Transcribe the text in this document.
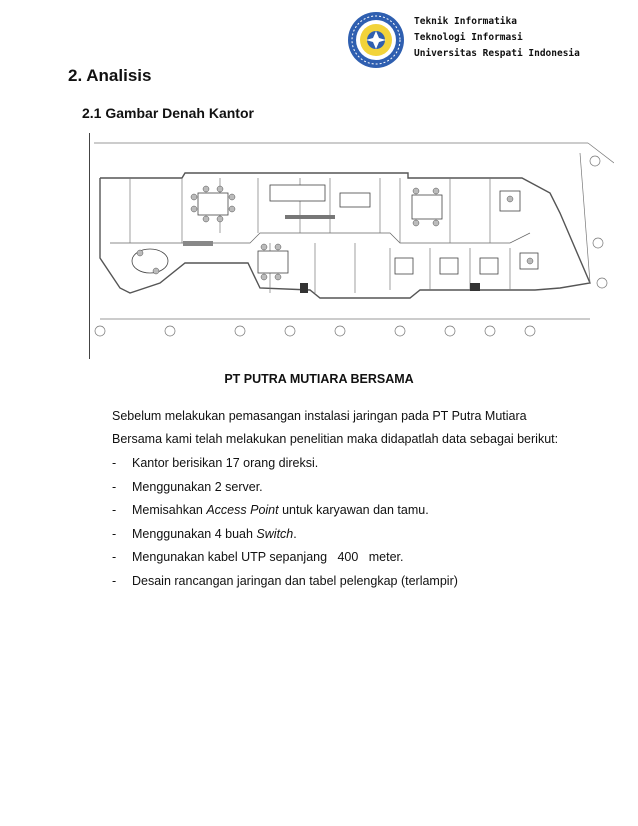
Teknik Informatika
Teknologi Informasi
Universitas Respati Indonesia
2. Analisis
2.1 Gambar Denah Kantor
PT PUTRA MUTIARA BERSAMA

Sebelum melakukan pemasangan instalasi jaringan pada PT Putra Mutiara

Bersama kami telah melakukan penelitian maka didapatlah data sebagai berikut:

- Kantor berisikan 17 orang direksi.
- Menggunakan 2 server.
- Memisahkan Access Point untuk karyawan dan tamu.
- Menggunakan 4 buah Switch.
- Mengunakan kabel UTP sepanjang   400   meter.
- Desain rancangan jaringan dan tabel pelengkap (terlampir)
